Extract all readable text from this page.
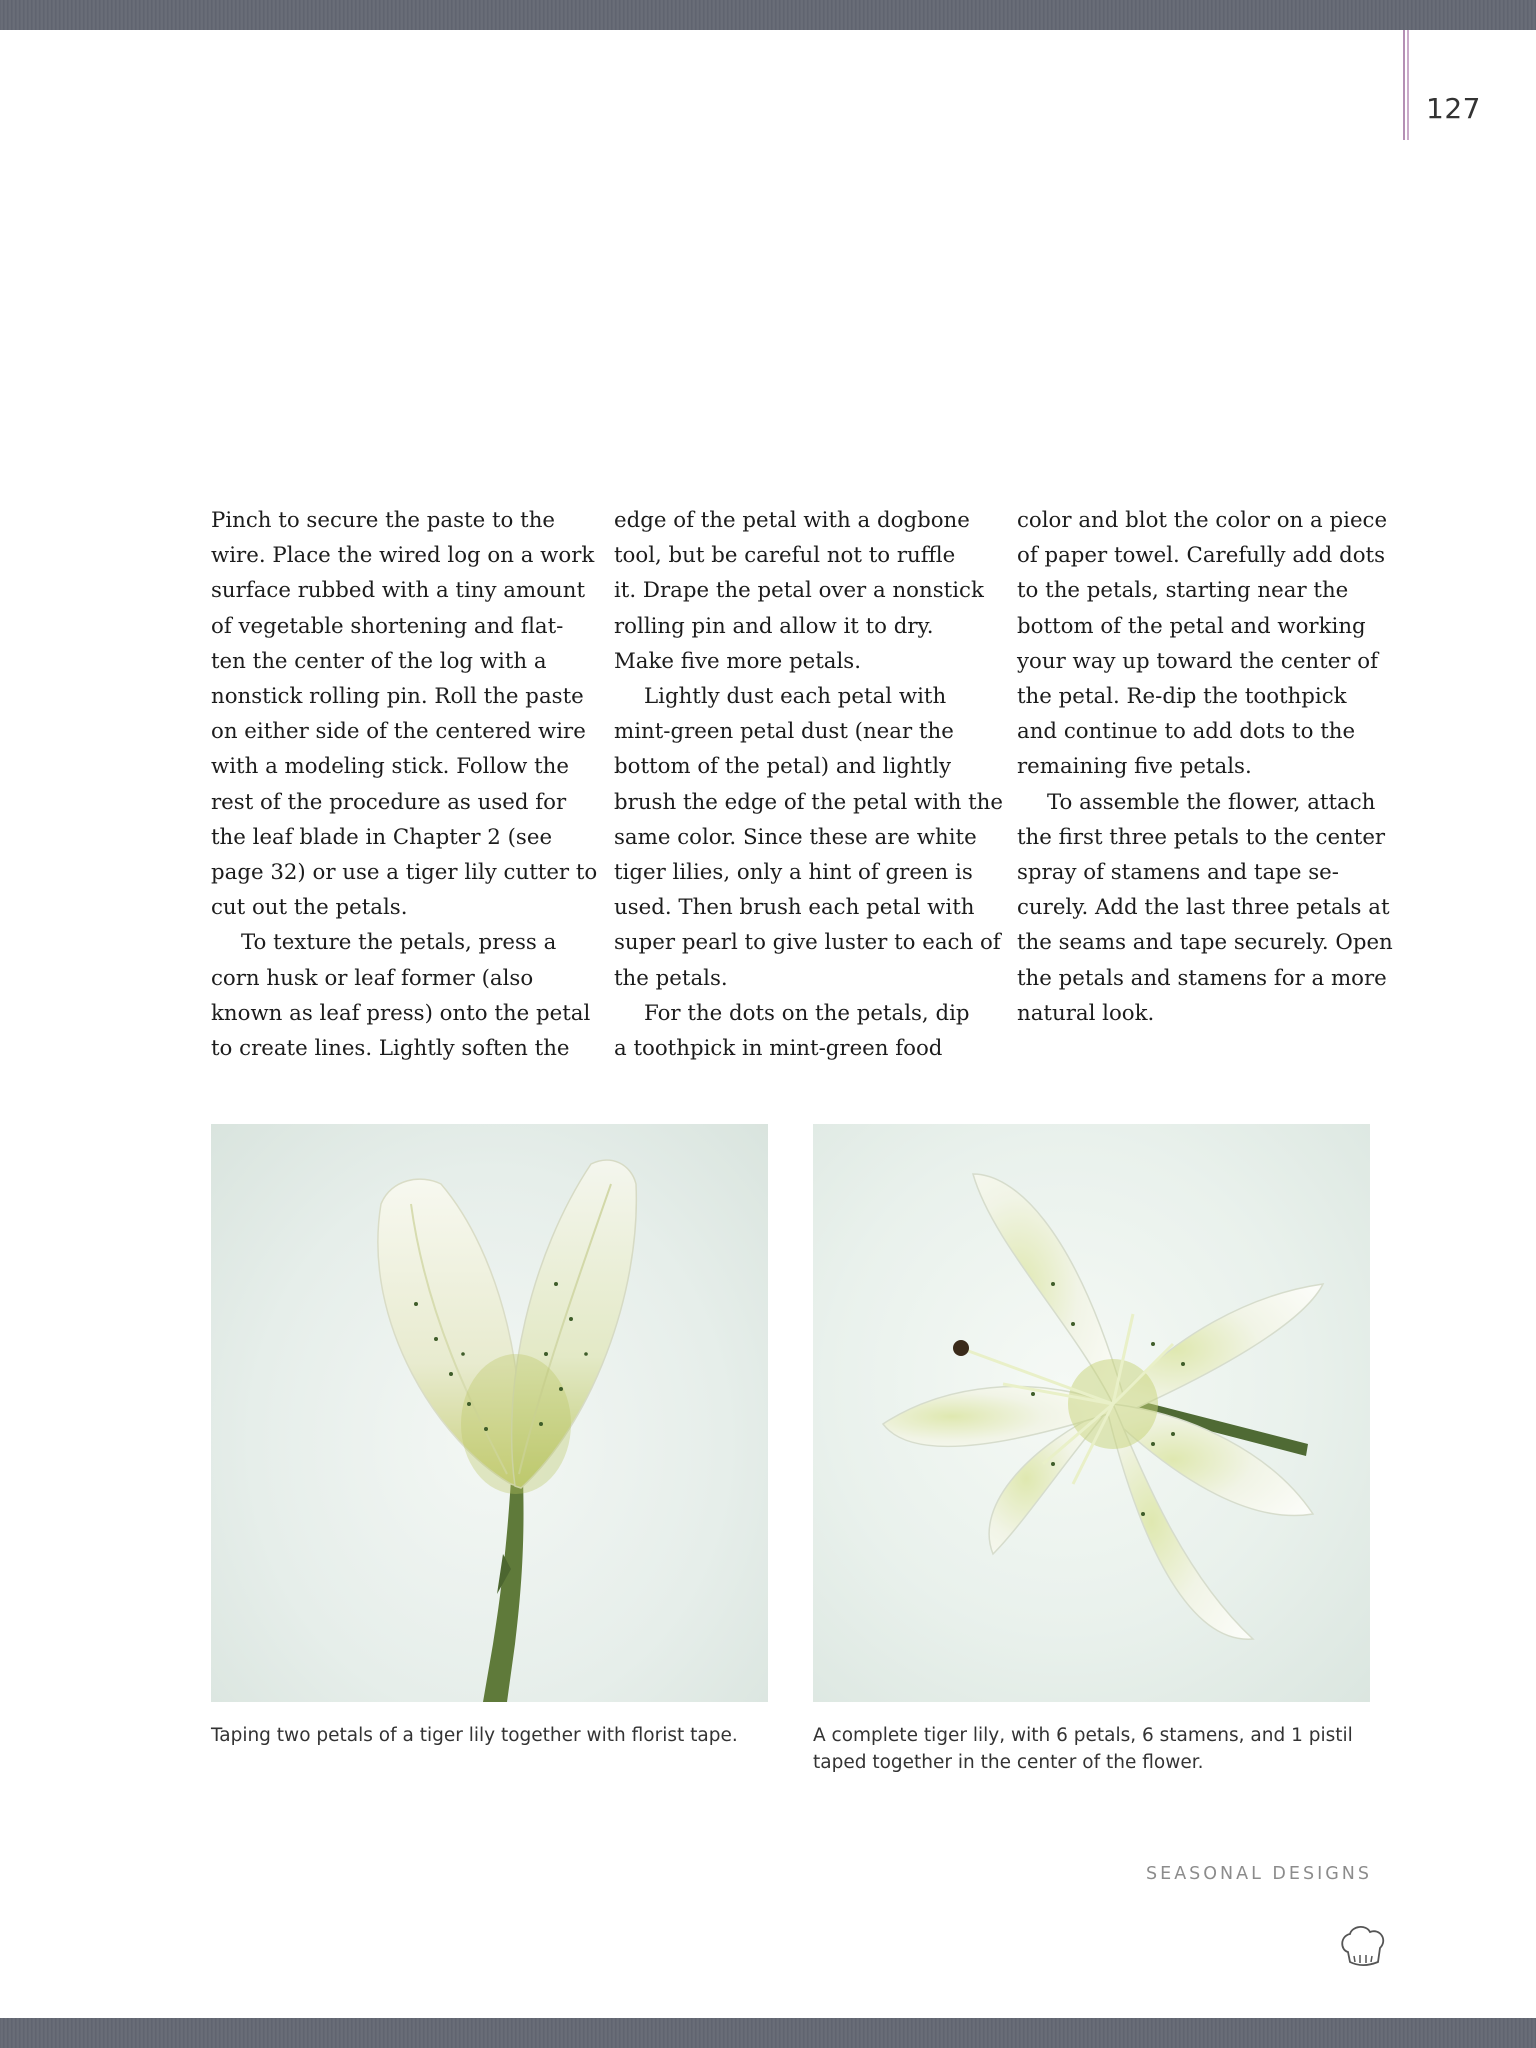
127

Pinch to secure the paste to the

wire. Place the wired log on a work

surface rubbed with a tiny amount

of vegetable shortening and flat-

ten the center of the log with a

nonstick rolling pin. Roll the paste

on either side of the centered wire

with a modeling stick. Follow the

rest of the procedure as used for

the leaf blade in Chapter 2 (see

page 32) or use a tiger lily cutter to

cut out the petals.

To texture the petals, press a

corn husk or leaf former (also

known as leaf press) onto the petal

to create lines. Lightly soften the

edge of the petal with a dogbone

tool, but be careful not to ruffle

it. Drape the petal over a nonstick

rolling pin and allow it to dry.

Make five more petals.

Lightly dust each petal with

mint-green petal dust (near the

bottom of the petal) and lightly

brush the edge of the petal with the

same color. Since these are white

tiger lilies, only a hint of green is

used. Then brush each petal with

super pearl to give luster to each of

the petals.

For the dots on the petals, dip

a toothpick in mint-green food

color and blot the color on a piece

of paper towel. Carefully add dots

to the petals, starting near the

bottom of the petal and working

your way up toward the center of

the petal. Re-dip the toothpick

and continue to add dots to the

remaining five petals.

To assemble the flower, attach

the first three petals to the center

spray of stamens and tape se-

curely. Add the last three petals at

the seams and tape securely. Open

the petals and stamens for a more

natural look.

Taping two petals of a tiger lily together with florist tape.	A complete tiger lily, with 6 petals, 6 stamens, and 1 pistil taped together in the center of the flower.
SEASONAL DESIGNS
